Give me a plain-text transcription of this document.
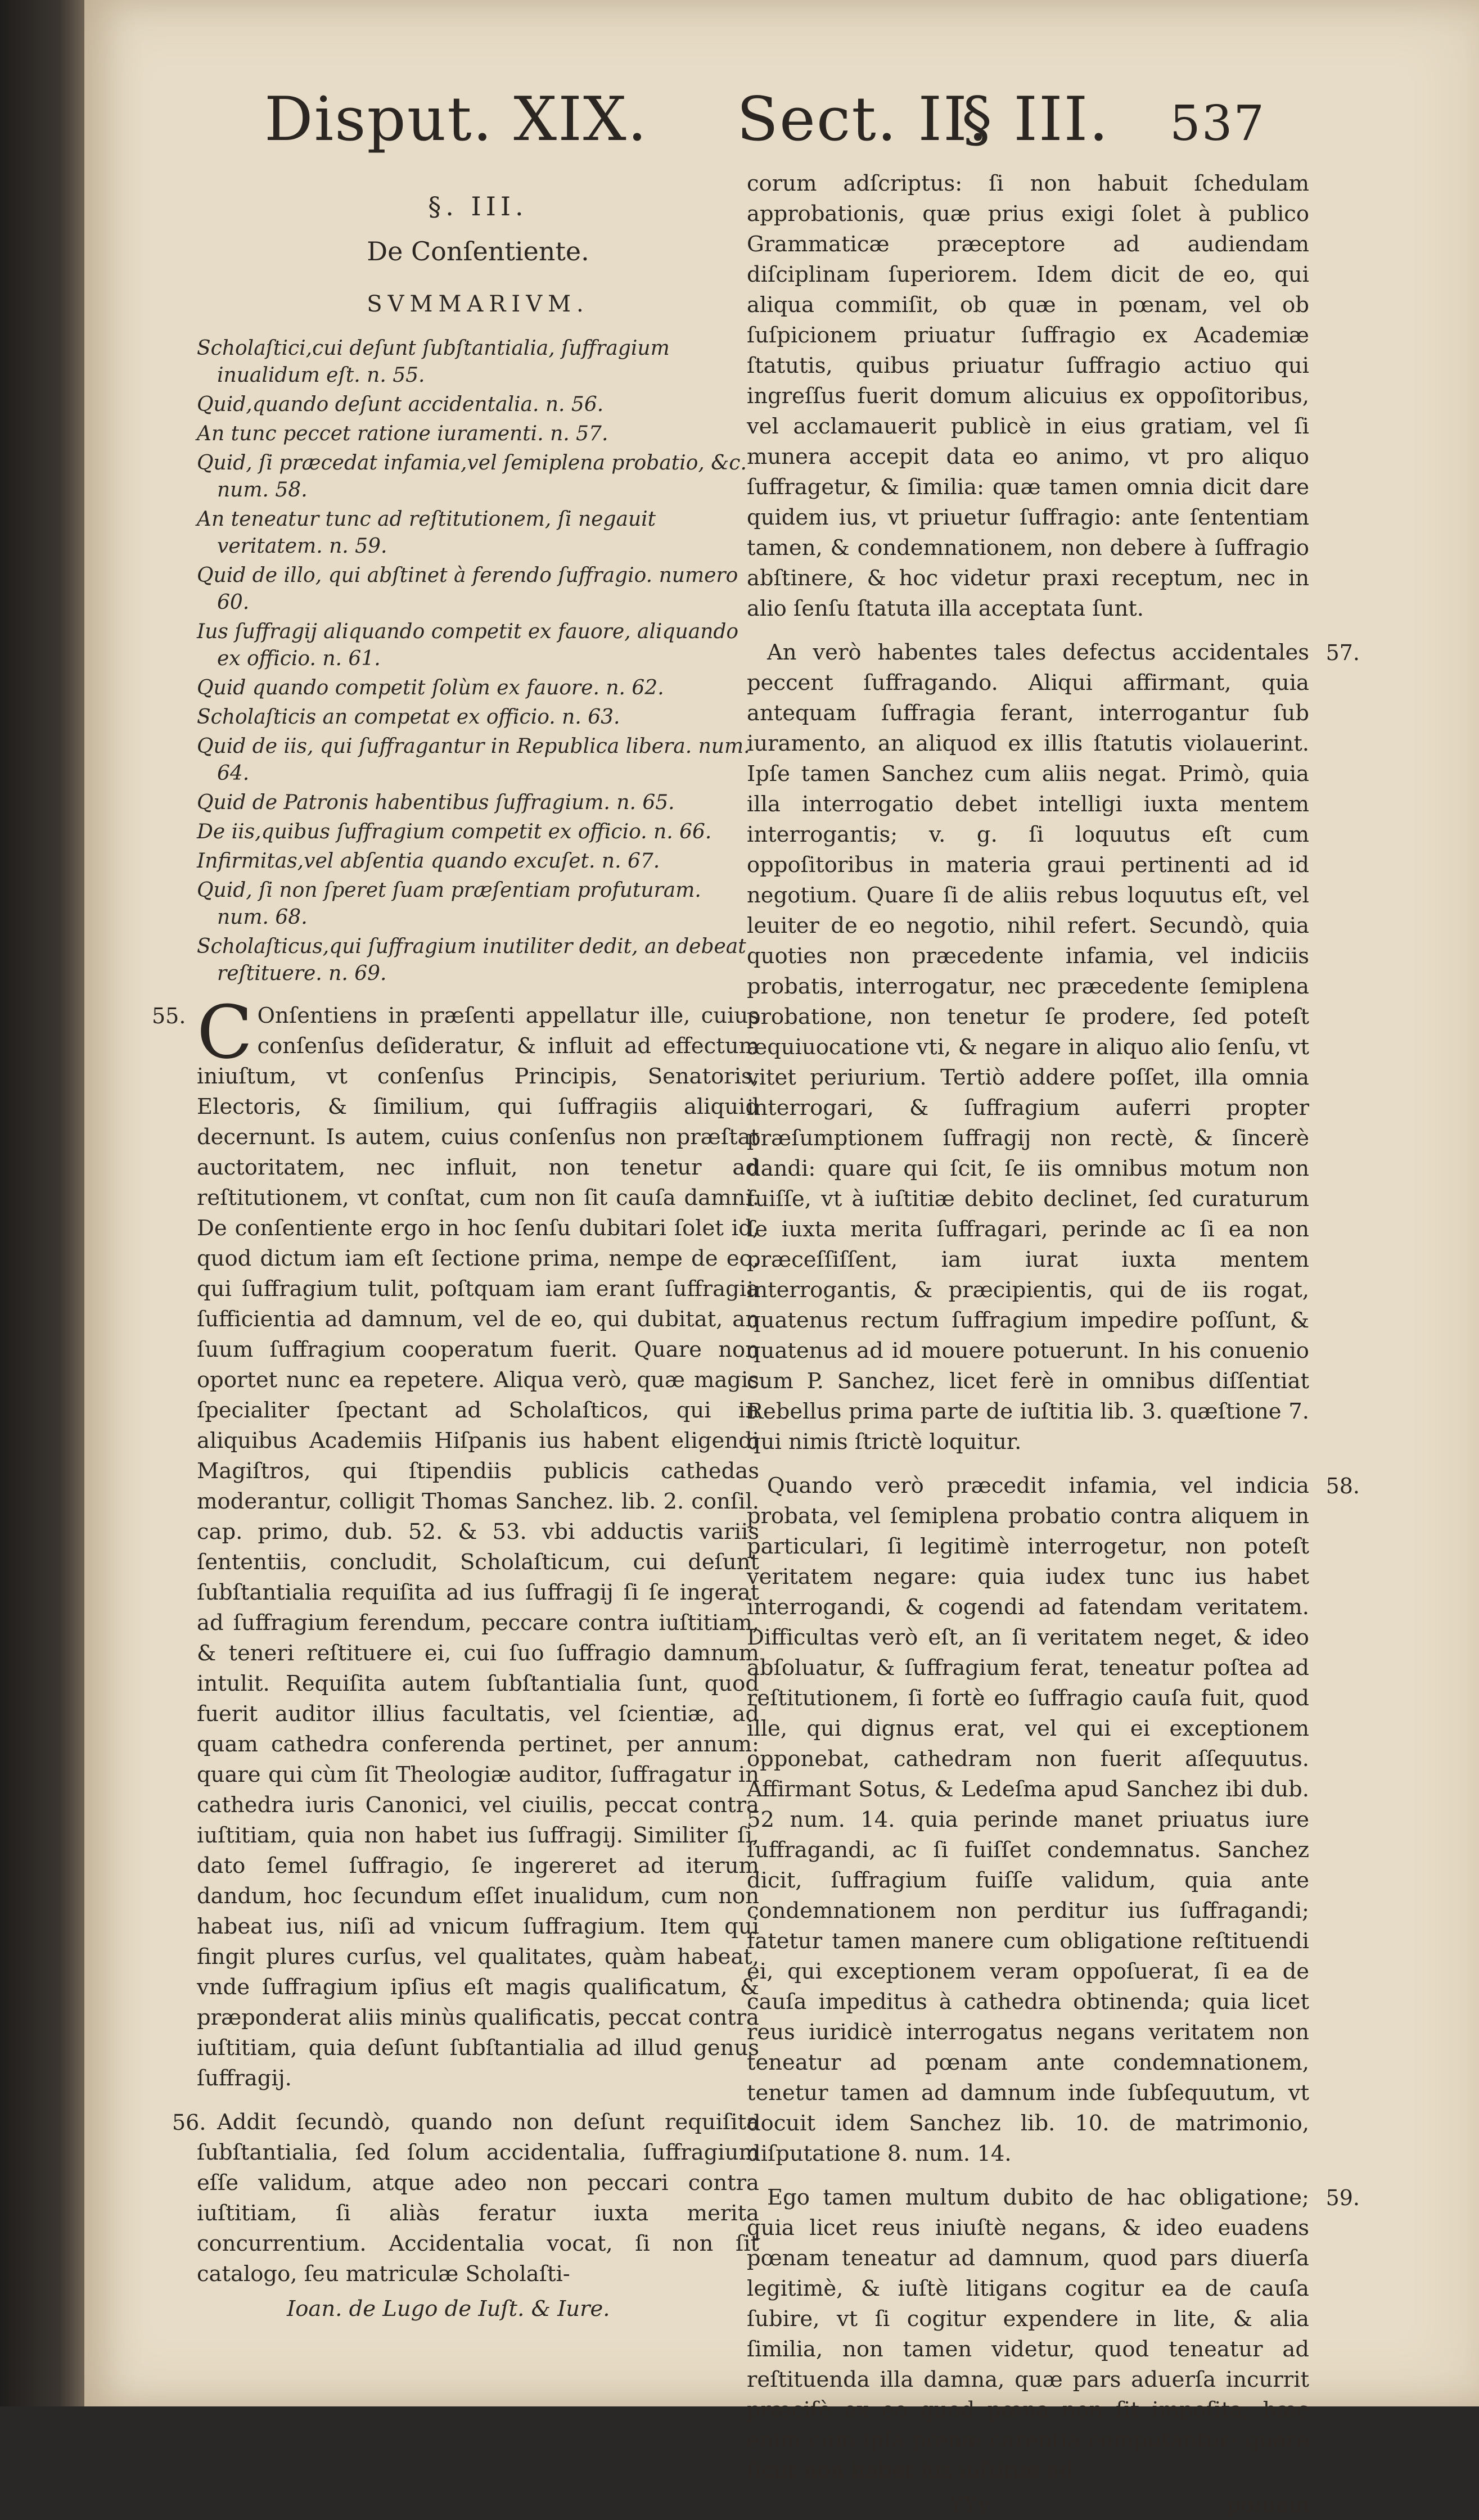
Disput. XIX. Sect. II.
§ III. 537
§. III.
De Conſentiente.
SVMMARIVM.
Scholaſtici,cui deſunt ſubſtantialia, ſuffragium inualidum eſt. n. 55.
Quid,quando deſunt accidentalia. n. 56.
An tunc peccet ratione iuramenti. n. 57.
Quid, ſi præcedat infamia,vel ſemiplena probatio, &c. num. 58.
An teneatur tunc ad reſtitutionem, ſi negauit veritatem. n. 59.
Quid de illo, qui abſtinet à ferendo ſuffragio. numero 60.
Ius ſuffragij aliquando competit ex fauore, aliquando ex officio. n. 61.
Quid quando competit ſolùm ex fauore. n. 62.
Scholaſticis an competat ex officio. n. 63.
Quid de iis, qui ſuffragantur in Republica libera. num. 64.
Quid de Patronis habentibus ſuffragium. n. 65.
De iis,quibus ſuffragium competit ex officio. n. 66.
Infirmitas,vel abſentia quando excuſet. n. 67.
Quid, ſi non ſperet ſuam præſentiam profuturam. num. 68.
Scholaſticus,qui ſuffragium inutiliter dedit, an debeat reſtituere. n. 69.
55. C Onſentiens in præſenti appellatur ille, cuius conſenſus deſideratur, & influit ad effectum iniuſtum, vt conſenſus Principis, Senatoris, Electoris, & ſimilium, qui ſuffragiis aliquid decernunt. Is autem, cuius conſenſus non præſtat auctoritatem, nec influit, non tenetur ad reſtitutionem, vt conſtat, cum non ſit cauſa damni. De conſentiente ergo in hoc ſenſu dubitari ſolet id, quod dictum iam eſt ſectione prima, nempe de eo, qui ſuffragium tulit, poſtquam iam erant ſuffragia ſufficientia ad damnum, vel de eo, qui dubitat, an ſuum ſuffragium cooperatum fuerit. Quare non oportet nunc ea repetere. Aliqua verò, quæ magis ſpecialiter ſpectant ad Scholaſticos, qui in aliquibus Academiis Hiſpanis ius habent eligendi Magiſtros, qui ſtipendiis publicis cathedas moderantur, colligit Thomas Sanchez. lib. 2. conſil. cap. primo, dub. 52. & 53. vbi adductis variis ſententiis, concludit, Scholaſticum, cui deſunt ſubſtantialia requiſita ad ius ſuffragij ſi ſe ingerat ad ſuffragium ferendum, peccare contra iuſtitiam, & teneri reſtituere ei, cui ſuo ſuffragio damnum intulit. Requiſita autem ſubſtantialia ſunt, quod fuerit auditor illius facultatis, vel ſcientiæ, ad quam cathedra conferenda pertinet, per annum: quare qui cùm ſit Theologiæ auditor, ſuffragatur in cathedra iuris Canonici, vel ciuilis, peccat contra iuſtitiam, quia non habet ius ſuffragij. Similiter ſi, dato ſemel ſuffragio, ſe ingereret ad iterum dandum, hoc ſecundum eſſet inualidum, cum non habeat ius, niſi ad vnicum ſuffragium. Item qui fingit plures curſus, vel qualitates, quàm habeat, vnde ſuffragium ipſius eſt magis qualificatum, & præponderat aliis minùs qualificatis, peccat contra iuſtitiam, quia deſunt ſubſtantialia ad illud genus ſuffragij.
56. Addit ſecundò, quando non deſunt requiſita ſubſtantialia, ſed ſolum accidentalia, ſuffragium eſſe validum, atque adeo non peccari contra iuſtitiam, ſi aliàs feratur iuxta merita concurrentium. Accidentalia vocat, ſi non ſit catalogo, ſeu matriculæ Scholaſti-
Ioan. de Lugo de Iuſt. & Iure.
corum adſcriptus: ſi non habuit ſchedulam approbationis, quæ prius exigi ſolet à publico Grammaticæ præceptore ad audiendam diſciplinam ſuperiorem. Idem dicit de eo, qui aliqua commiſit, ob quæ in pœnam, vel ob ſuſpicionem priuatur ſuffragio ex Academiæ ſtatutis, quibus priuatur ſuffragio actiuo qui ingreſſus fuerit domum alicuius ex oppoſitoribus, vel acclamauerit publicè in eius gratiam, vel ſi munera accepit data eo animo, vt pro aliquo ſuffragetur, & ſimilia: quæ tamen omnia dicit dare quidem ius, vt priuetur ſuffragio: ante ſententiam tamen, & condemnationem, non debere à ſuffragio abſtinere, & hoc videtur praxi receptum, nec in alio ſenſu ſtatuta illa acceptata ſunt.
57.
An verò habentes tales defectus accidentales peccent ſuffragando. Aliqui affirmant, quia antequam ſuffragia ferant, interrogantur ſub iuramento, an aliquod ex illis ſtatutis violauerint. Ipſe tamen Sanchez cum aliis negat. Primò, quia illa interrogatio debet intelligi iuxta mentem interrogantis; v. g. ſi loquutus eſt cum oppoſitoribus in materia graui pertinenti ad id negotium. Quare ſi de aliis rebus loquutus eſt, vel leuiter de eo negotio, nihil refert. Secundò, quia quoties non præcedente infamia, vel indiciis probatis, interrogatur, nec præcedente ſemiplena probatione, non tenetur ſe prodere, ſed poteſt æquiuocatione vti, & negare in aliquo alio ſenſu, vt vitet periurium. Tertiò addere poſſet, illa omnia interrogari, & ſuffragium auferri propter præſumptionem ſuffragij non rectè, & ſincerè dandi: quare qui ſcit, ſe iis omnibus motum non fuiſſe, vt à iuſtitiæ debito declinet, ſed curaturum ſe iuxta merita ſuffragari, perinde ac ſi ea non præceſſiſſent, iam iurat iuxta mentem interrogantis, & præcipientis, qui de iis rogat, quatenus rectum ſuffragium impedire poſſunt, & quatenus ad id mouere potuerunt. In his conuenio cum P. Sanchez, licet ferè in omnibus diſſentiat Rebellus prima parte de iuſtitia lib. 3. quæſtione 7. qui nimis ſtrictè loquitur.
58.
Quando verò præcedit infamia, vel indicia probata, vel ſemiplena probatio contra aliquem in particulari, ſi legitimè interrogetur, non poteſt veritatem negare: quia iudex tunc ius habet interrogandi, & cogendi ad fatendam veritatem. Difficultas verò eſt, an ſi veritatem neget, & ideo abſoluatur, & ſuffragium ferat, teneatur poſtea ad reſtitutionem, ſi fortè eo ſuffragio cauſa fuit, quod ille, qui dignus erat, vel qui ei exceptionem opponebat, cathedram non fuerit aſſequutus. Affirmant Sotus, & Ledeſma apud Sanchez ibi dub. 52 num. 14. quia perinde manet priuatus iure ſuffragandi, ac ſi fuiſſet condemnatus. Sanchez dicit, ſuffragium fuiſſe validum, quia ante condemnationem non perditur ius ſuffragandi; fatetur tamen manere cum obligatione reſtituendi ei, qui exceptionem veram oppoſuerat, ſi ea de cauſa impeditus à cathedra obtinenda; quia licet reus iuridicè interrogatus negans veritatem non teneatur ad pœnam ante condemnationem, tenetur tamen ad damnum inde ſubſequutum, vt docuit idem Sanchez lib. 10. de matrimonio, diſputatione 8. num. 14.
59.
Ego tamen multum dubito de hac obligatione; quia licet reus iniuſtè negans, & ideo euadens pœnam teneatur ad damnum, quod pars diuerſa legitimè, & iuſtè litigans cogitur ea de cauſa ſubire, vt ſi cogitur expendere in lite, & alia ſimilia, non tamen videtur, quod teneatur ad reſtituenda illa damna, quæ pars aduerſa incurrit præciſè ex eo quod pœna non ſit impoſita; hæc enim cum ipſa pœnæ carentia computantur; quare ſicut non habet ius iuſtitiæ ad
YYy	pœnam
